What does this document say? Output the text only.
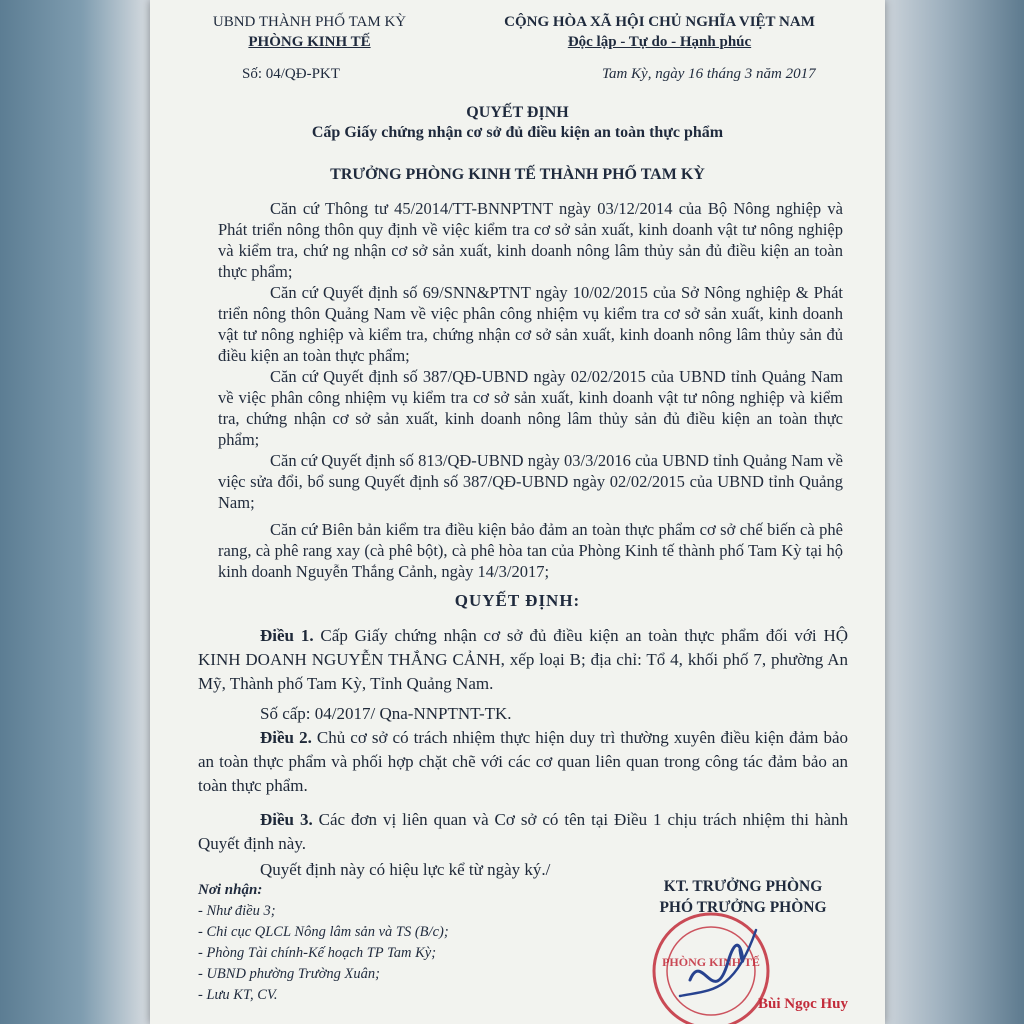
UBND THÀNH PHỐ TAM KỲ
PHÒNG KINH TẾ
CỘNG HÒA XÃ HỘI CHỦ NGHĨA VIỆT NAM
Độc lập - Tự do - Hạnh phúc
Số: 04/QĐ-PKT	Tam Kỳ, ngày 16 tháng 3 năm 2017
QUYẾT ĐỊNH
Cấp Giấy chứng nhận cơ sở đủ điều kiện an toàn thực phẩm
TRƯỞNG PHÒNG KINH TẾ THÀNH PHỐ TAM KỲ

Căn cứ Thông tư 45/2014/TT-BNNPTNT ngày 03/12/2014 của Bộ Nông nghiệp và Phát triển nông thôn quy định về việc kiểm tra cơ sở sản xuất, kinh doanh vật tư nông nghiệp và kiểm tra, chứ ng nhận cơ sở sản xuất, kinh doanh nông lâm thủy sản đủ điều kiện an toàn thực phẩm;

Căn cứ Quyết định số 69/SNN&PTNT ngày 10/02/2015 của Sở Nông nghiệp & Phát triển nông thôn Quảng Nam về việc phân công nhiệm vụ kiểm tra cơ sở sản xuất, kinh doanh vật tư nông nghiệp và kiểm tra, chứng nhận cơ sở sản xuất, kinh doanh nông lâm thủy sản đủ điều kiện an toàn thực phẩm;

Căn cứ Quyết định số 387/QĐ-UBND ngày 02/02/2015 của UBND tỉnh Quảng Nam về việc phân công nhiệm vụ kiểm tra cơ sở sản xuất, kinh doanh vật tư nông nghiệp và kiểm tra, chứng nhận cơ sở sản xuất, kinh doanh nông lâm thủy sản đủ điều kiện an toàn thực phẩm;

Căn cứ Quyết định số 813/QĐ-UBND ngày 03/3/2016 của UBND tỉnh Quảng Nam về việc sửa đổi, bổ sung Quyết định số 387/QĐ-UBND ngày 02/02/2015 của UBND tỉnh Quảng Nam;

Căn cứ Biên bản kiểm tra điều kiện bảo đảm an toàn thực phẩm cơ sở chế biến cà phê rang, cà phê rang xay (cà phê bột), cà phê hòa tan của Phòng Kinh tế thành phố Tam Kỳ tại hộ kinh doanh Nguyễn Thắng Cảnh, ngày 14/3/2017;

QUYẾT ĐỊNH:

Điều 1. Cấp Giấy chứng nhận cơ sở đủ điều kiện an toàn thực phẩm đối với HỘ KINH DOANH NGUYỄN THẮNG CẢNH, xếp loại B; địa chỉ: Tổ 4, khối phố 7, phường An Mỹ, Thành phố Tam Kỳ, Tỉnh Quảng Nam.

Số cấp: 04/2017/ Qna-NNPTNT-TK.

Điều 2. Chủ cơ sở có trách nhiệm thực hiện duy trì thường xuyên điều kiện đảm bảo an toàn thực phẩm và phối hợp chặt chẽ với các cơ quan liên quan trong công tác đảm bảo an toàn thực phẩm.

Điều 3. Các đơn vị liên quan và Cơ sở có tên tại Điều 1 chịu trách nhiệm thi hành Quyết định này.

Quyết định này có hiệu lực kể từ ngày ký./

Nơi nhận:
- Như điều 3;
- Chi cục QLCL Nông lâm sản và TS (B/c);
- Phòng Tài chính-Kế hoạch TP Tam Kỳ;
- UBND phường Trường Xuân;
- Lưu KT, CV.
KT. TRƯỞNG PHÒNG
PHÓ TRƯỞNG PHÒNG
PHÒNG KINH TẾ
Bùi Ngọc Huy
